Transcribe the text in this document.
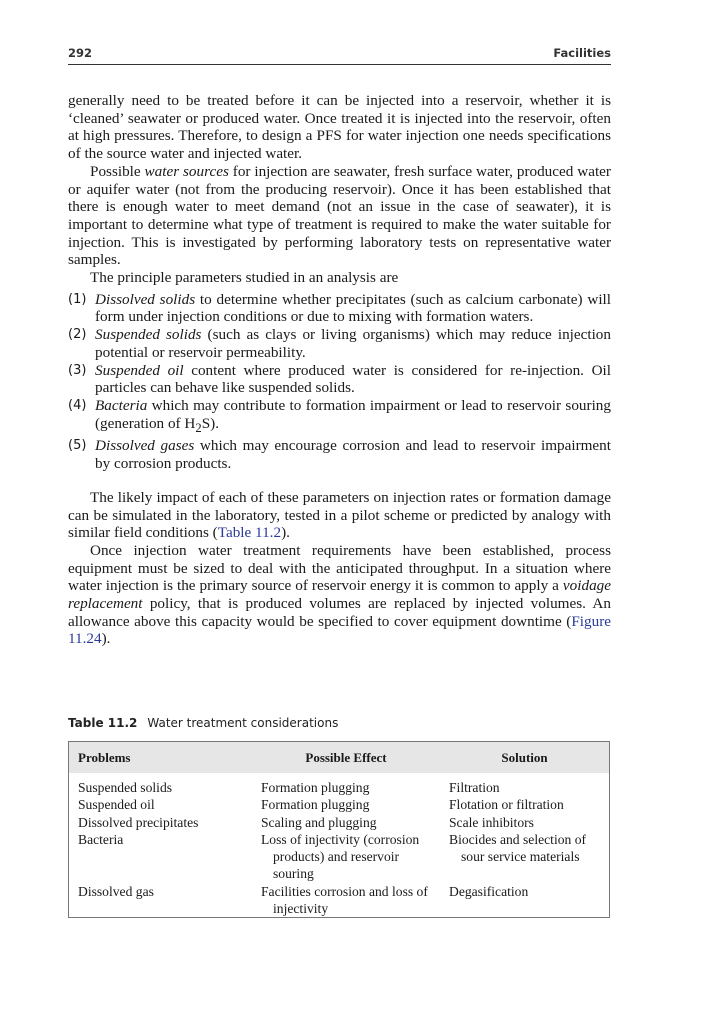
292	Facilities

generally need to be treated before it can be injected into a reservoir, whether it is ‘cleaned’ seawater or produced water. Once treated it is injected into the reservoir, often at high pressures. Therefore, to design a PFS for water injection one needs specifications of the source water and injected water.

Possible water sources for injection are seawater, fresh surface water, produced water or aquifer water (not from the producing reservoir). Once it has been established that there is enough water to meet demand (not an issue in the case of seawater), it is important to determine what type of treatment is required to make the water suitable for injection. This is investigated by performing laboratory tests on representative water samples.

The principle parameters studied in an analysis are

(1) Dissolved solids to determine whether precipitates (such as calcium carbonate) will form under injection conditions or due to mixing with formation waters.
(2) Suspended solids (such as clays or living organisms) which may reduce injection potential or reservoir permeability.
(3) Suspended oil content where produced water is considered for re-injection. Oil particles can behave like suspended solids.
(4) Bacteria which may contribute to formation impairment or lead to reservoir souring (generation of $H_2S$).
(5) Dissolved gases which may encourage corrosion and lead to reservoir impairment by corrosion products.

The likely impact of each of these parameters on injection rates or formation damage can be simulated in the laboratory, tested in a pilot scheme or predicted by analogy with similar field conditions (Table 11.2).

Once injection water treatment requirements have been established, process equipment must be sized to deal with the anticipated throughput. In a situation where water injection is the primary source of reservoir energy it is common to apply a voidage replacement policy, that is produced volumes are replaced by injected volumes. An allowance above this capacity would be specified to cover equipment downtime (Figure 11.24).

Table 11.2 Water treatment considerations
Problems	Possible Effect	Solution

Suspended solids	Formation plugging	Filtration

Suspended oil	Formation plugging	Flotation or filtration

Dissolved precipitates	Scaling and plugging	Scale inhibitors

Bacteria	Loss of injectivity (corrosion products) and reservoir souring	Biocides and selection of sour service materials

Dissolved gas	Facilities corrosion and loss of injectivity	Degasification
